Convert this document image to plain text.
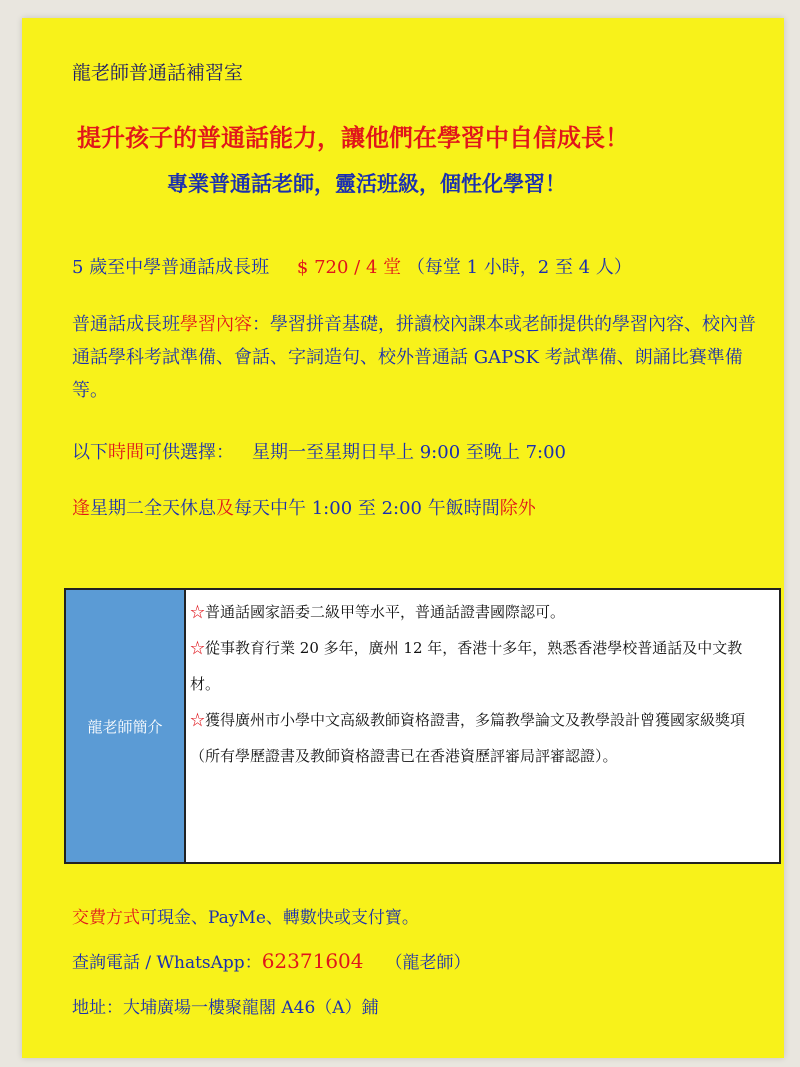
龍老師普通話補習室
提升孩子的普通話能力，讓他們在學習中自信成長！
專業普通話老師，靈活班級，個性化學習！
5 歲至中學普通話成長班 $ 720 / 4 堂 （每堂 1 小時，2 至 4 人）
普通話成長班學習內容：學習拼音基礎，拼讀校內課本或老師提供的學習內容、校內普通話學科考試準備、會話、字詞造句、校外普通話 GAPSK 考試準備、朗誦比賽準備等。
以下時間可供選擇： 星期一至星期日早上 9:00 至晚上 7:00
逢星期二全天休息及每天中午 1:00 至 2:00 午飯時間除外
龍老師簡介
☆普通話國家語委二級甲等水平，普通話證書國際認可。
☆從事教育行業 20 多年，廣州 12 年，香港十多年，熟悉香港學校普通話及中文教材。
☆獲得廣州市小學中文高級教師資格證書，多篇教學論文及教學設計曾獲國家級獎項（所有學歷證書及教師資格證書已在香港資歷評審局評審認證）。
交費方式可現金、PayMe、轉數快或支付寶。
查詢電話 / WhatsApp：62371604 （龍老師）
地址：大埔廣場一樓聚龍閣 A46（A）鋪
